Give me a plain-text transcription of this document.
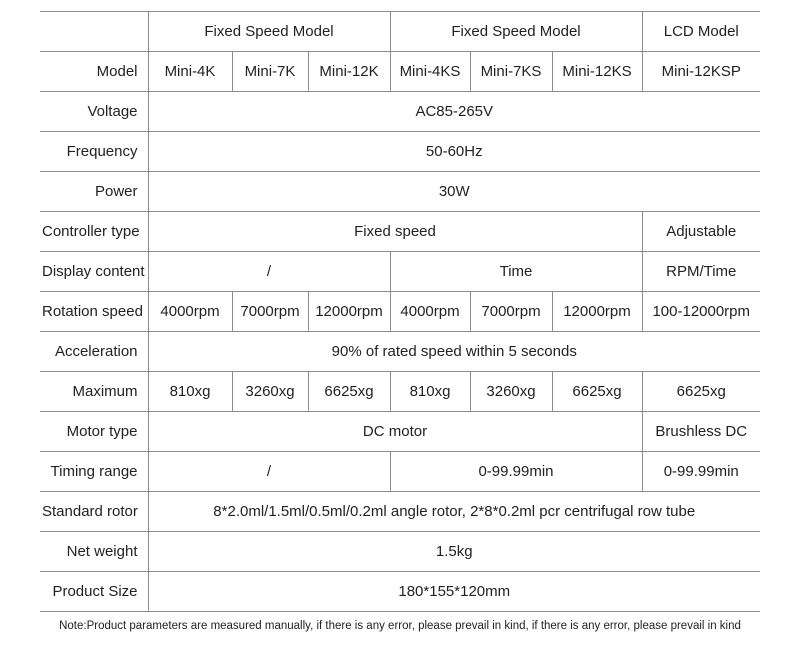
	Fixed Speed Model			Fixed Speed Model			LCD Model
Model	Mini-4K	Mini-7K	Mini-12K	Mini-4KS	Mini-7KS	Mini-12KS	Mini-12KSP
Voltage	AC85-265V						
Frequency	50-60Hz						
Power	30W						
Controller type	Fixed speed						Adjustable
Display content	/			Time			RPM/Time
Rotation speed	4000rpm	7000rpm	12000rpm	4000rpm	7000rpm	12000rpm	100-12000rpm
Acceleration	90% of rated speed within 5 seconds						
Maximum	810xg	3260xg	6625xg	810xg	3260xg	6625xg	6625xg
Motor type	DC motor						Brushless DC
Timing range	/			0-99.99min			0-99.99min
Standard rotor	8*2.0ml/1.5ml/0.5ml/0.2ml angle rotor, 2*8*0.2ml pcr centrifugal row tube						
Net weight	1.5kg						
Product Size	180*155*120mm						
Note:Product parameters are measured manually, if there is any error, please prevail in kind, if there is any error, please prevail in kind
